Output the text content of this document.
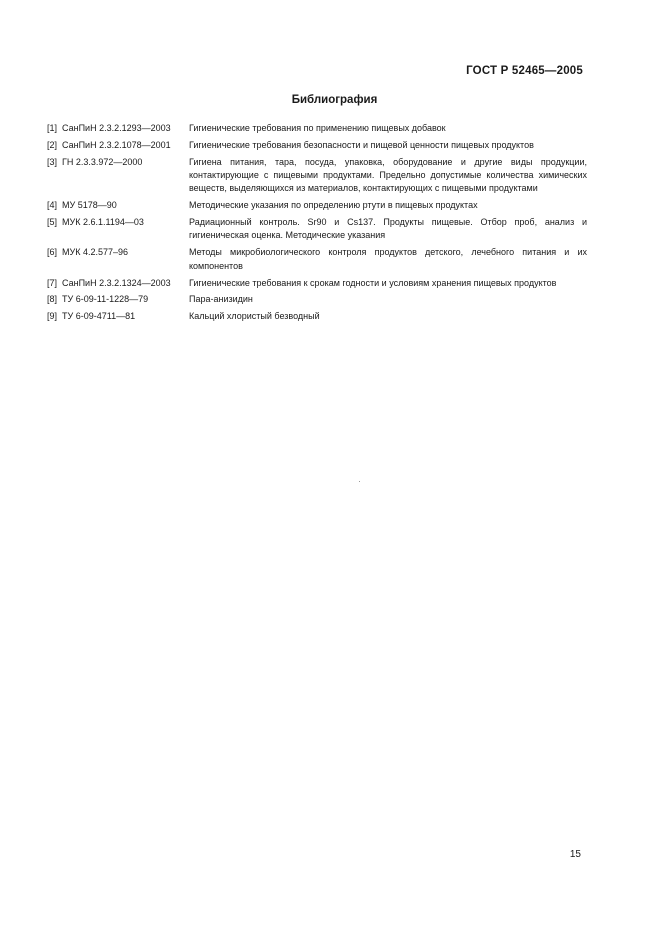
ГОСТ Р 52465—2005
Библиография
[1] СанПиН 2.3.2.1293—2003	Гигиенические требования по применению пищевых добавок
[2] СанПиН 2.3.2.1078—2001	Гигиенические требования безопасности и пищевой ценности пищевых продуктов
[3] ГН 2.3.3.972—2000	Гигиена питания, тара, посуда, упаковка, оборудование и другие виды продукции, контактирующие с пищевыми продуктами. Предельно допустимые количества химических веществ, выделяющихся из материалов, контактирующих с пищевыми продуктами
[4] МУ 5178—90	Методические указания по определению ртути в пищевых продуктах
[5] МУК 2.6.1.1194—03	Радиационный контроль. Sr90 и Cs137. Продукты пищевые. Отбор проб, анализ и гигиеническая оценка. Методические указания
[6] МУК 4.2.577–96	Методы микробиологического контроля продуктов детского, лечебного питания и их компонентов
[7] СанПиН 2.3.2.1324—2003	Гигиенические требования к срокам годности и условиям хранения пищевых продуктов
[8] ТУ 6-09-11-1228—79	Пара-анизидин
[9] ТУ 6-09-4711—81	Кальций хлористый безводный
15
